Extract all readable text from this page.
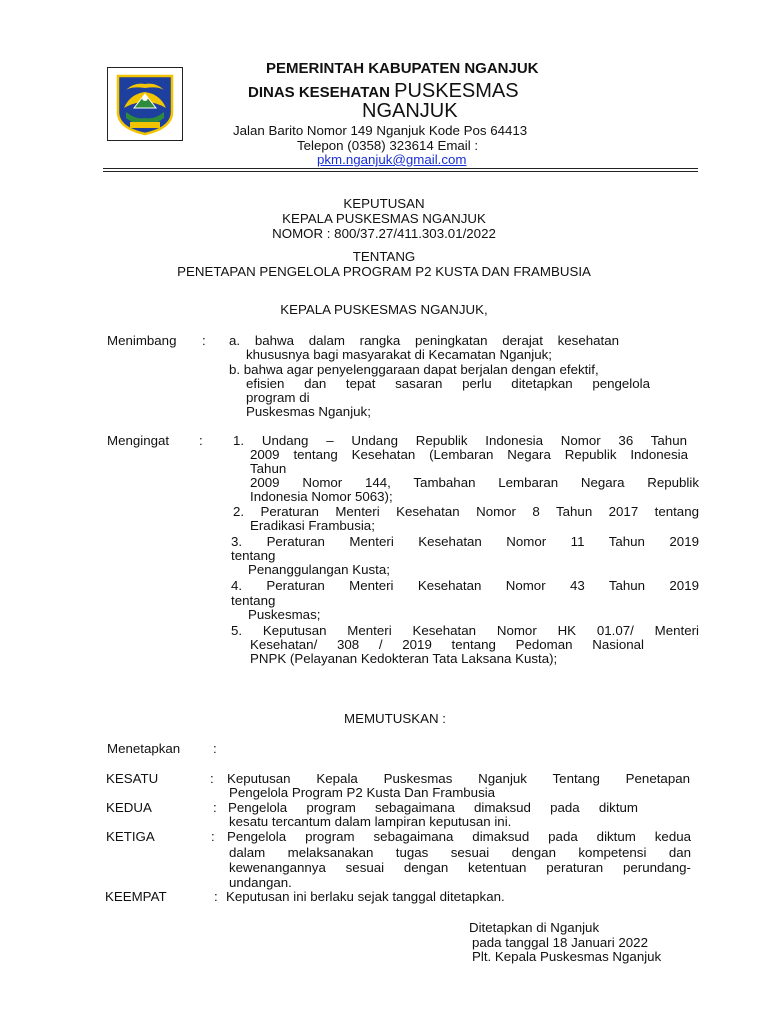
PEMERINTAH KABUPATEN NGANJUK
DINAS KESEHATAN PUSKESMAS
NGANJUK
Jalan Barito Nomor 149 Nganjuk Kode Pos 64413
Telepon (0358) 323614 Email :
pkm.nganjuk@gmail.com
KEPUTUSAN
KEPALA PUSKESMAS NGANJUK
NOMOR : 800/37.27/411.303.01/2022
TENTANG
PENETAPAN PENGELOLA PROGRAM P2 KUSTA DAN FRAMBUSIA
KEPALA PUSKESMAS NGANJUK,
Menimbang : a. bahwa dalam rangka peningkatan derajat kesehatan
khususnya bagi masyarakat di Kecamatan Nganjuk;
b. bahwa agar penyelenggaraan dapat berjalan dengan efektif,
efisien dan tepat sasaran perlu ditetapkan pengelola
program di
Puskesmas Nganjuk;
Mengingat : 1. Undang – Undang Republik Indonesia Nomor 36 Tahun
2009 tentang Kesehatan (Lembaran Negara Republik Indonesia
Tahun
2009 Nomor 144, Tambahan Lembaran Negara Republik
Indonesia Nomor 5063);
2. Peraturan Menteri Kesehatan Nomor 8 Tahun 2017 tentang
Eradikasi Frambusia;
3. Peraturan Menteri Kesehatan Nomor 11 Tahun 2019
tentang
Penanggulangan Kusta;
4. Peraturan Menteri Kesehatan Nomor 43 Tahun 2019
tentang
Puskesmas;
5. Keputusan Menteri Kesehatan Nomor HK 01.07/ Menteri
Kesehatan/ 308 / 2019 tentang Pedoman Nasional
PNPK (Pelayanan Kedokteran Tata Laksana Kusta);
MEMUTUSKAN :
Menetapkan :
KESATU	: Keputusan Kepala Puskesmas Nganjuk Tentang Penetapan
Pengelola Program P2 Kusta Dan Frambusia
KEDUA	: Pengelola program sebagaimana dimaksud pada diktum
kesatu tercantum dalam lampiran keputusan ini.
KETIGA	: Pengelola program sebagaimana dimaksud pada diktum kedua
dalam melaksanakan tugas sesuai dengan kompetensi dan
kewenangannya sesuai dengan ketentuan peraturan perundang-
undangan.
KEEMPAT	: Keputusan ini berlaku sejak tanggal ditetapkan.
Ditetapkan di Nganjuk
pada tanggal 18 Januari 2022
Plt. Kepala Puskesmas Nganjuk
